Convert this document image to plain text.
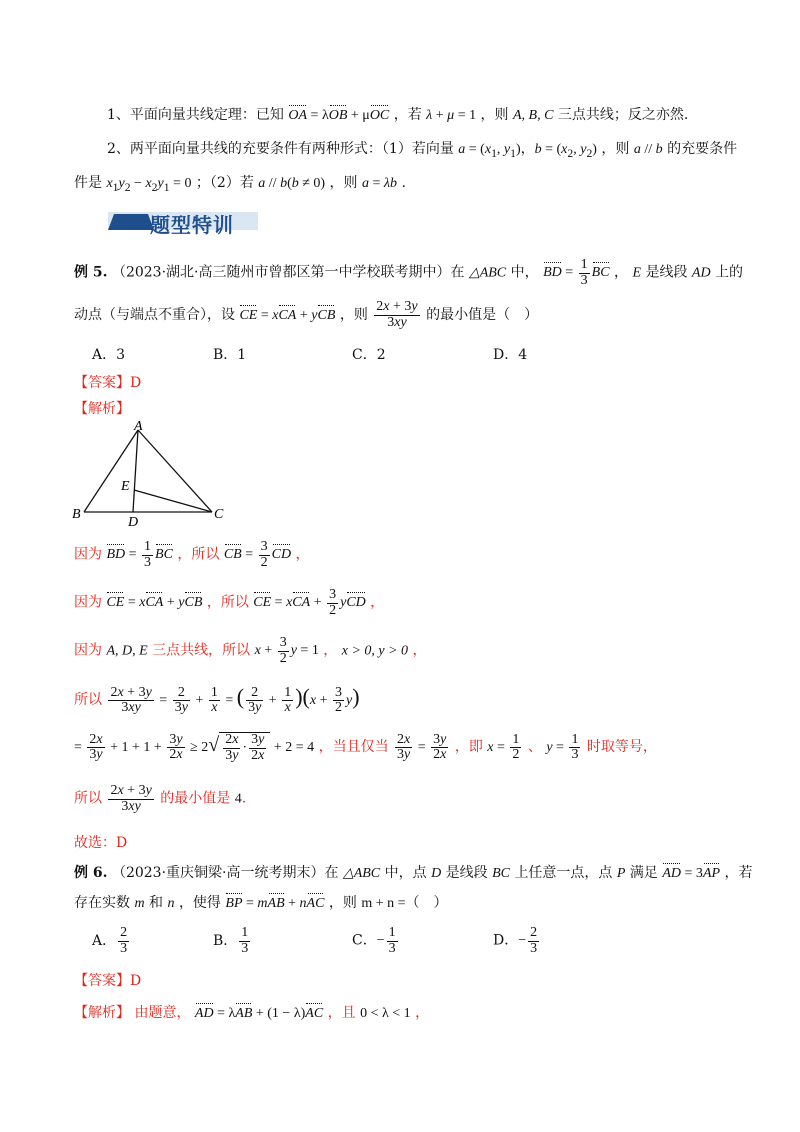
1、平面向量共线定理：已知 OA = λOB + μOC ，若 λ + μ = 1 ，则 A, B, C 三点共线；反之亦然.
2、两平面向量共线的充要条件有两种形式：（1）若向量 $a = (x_1$, $y_1$)，$b = (x_2$, $y_2$) ，则 a // b 的充要条件
件是 $x_1y_2 - x_2y_1 = 0$ ；（2）若 a // b(b ≠ 0) ，则 a = λb .
题型特训
例 5. （2023·湖北·高三随州市曾都区第一中学校联考期中）在 △ABC 中， BD = $\frac{1}{3}$ BC ， E 是线段 AD 上的
动点（与端点不重合），设 CE = xCA + yCB ，则 $\frac{2x + 3y}{3xy}$ 的最小值是（　）
A．3	B．1	C．2	D．4
【答案】D
【解析】
A
E
B
D
C
因为 BD = $\frac{1}{3}$ BC ，所以 CB = $\frac{3}{2}$ CD ，
因为 CE = xCA + yCB ，所以 CE = xCA + $\frac{3}{2}$ yCD ，
因为 A, D, E 三点共线，所以 $x + \frac{3}{2}$ y = 1 ， x > 0, y > 0 ，
所以 $\frac{2x + 3y}{3xy} = \frac{2}{3y} + \frac{1}{x}$ = ( $\frac{2}{3y} + \frac{1}{x} )(x + \frac{3}{2} y)$
= $\frac{2x}{3y} + 1 + 1 + \frac{3y}{2x} \ge 2√ \frac{2x}{3y} \cdot \frac{3y}{2x} + 2 = 4$ ，当且仅当 $\frac{2x}{3y} = \frac{3y}{2x}$ ，即 $x = \frac{1}{2}$ 、 $y = \frac{1}{3}$ 时取等号，
所以 $\frac{2x + 3y}{3xy}$ 的最小值是 4.
故选：D
例 6. （2023·重庆铜梁·高一统考期末）在 △ABC 中，点 D 是线段 BC 上任意一点，点 P 满足 AD = 3AP ，若
存在实数 m 和 n ，使得 BP = mAB + nAC ，则 m + n =（　）
A． $\frac{2}{3}$	B． $\frac{1}{3}$	C．− $\frac{1}{3}$	D．− $\frac{2}{3}$
【答案】D
【解析】 由题意， AD = λAB + (1 − λ)AC ，且 0 < λ < 1 ，
